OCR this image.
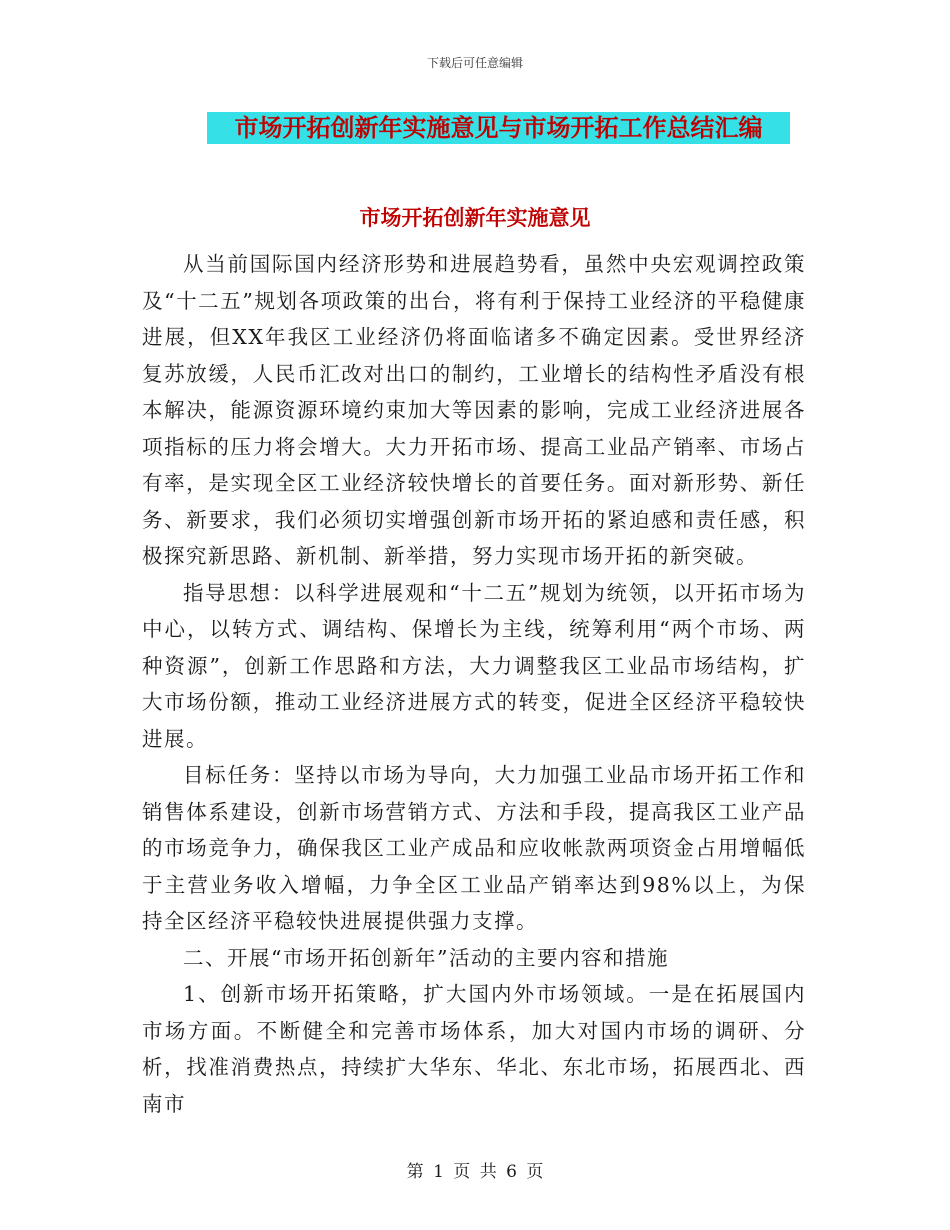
下载后可任意编辑
市场开拓创新年实施意见与市场开拓工作总结汇编
市场开拓创新年实施意见

从当前国际国内经济形势和进展趋势看，虽然中央宏观调控政策及“十二五”规划各项政策的出台，将有利于保持工业经济的平稳健康进展，但XX年我区工业经济仍将面临诸多不确定因素。受世界经济复苏放缓，人民币汇改对出口的制约，工业增长的结构性矛盾没有根本解决，能源资源环境约束加大等因素的影响，完成工业经济进展各项指标的压力将会增大。大力开拓市场、提高工业品产销率、市场占有率，是实现全区工业经济较快增长的首要任务。面对新形势、新任务、新要求，我们必须切实增强创新市场开拓的紧迫感和责任感，积极探究新思路、新机制、新举措，努力实现市场开拓的新突破。

指导思想：以科学进展观和“十二五”规划为统领，以开拓市场为中心，以转方式、调结构、保增长为主线，统筹利用“两个市场、两种资源”，创新工作思路和方法，大力调整我区工业品市场结构，扩大市场份额，推动工业经济进展方式的转变，促进全区经济平稳较快进展。

目标任务：坚持以市场为导向，大力加强工业品市场开拓工作和销售体系建设，创新市场营销方式、方法和手段，提高我区工业产品的市场竞争力，确保我区工业产成品和应收帐款两项资金占用增幅低于主营业务收入增幅，力争全区工业品产销率达到98%以上，为保持全区经济平稳较快进展提供强力支撑。

二、开展“市场开拓创新年”活动的主要内容和措施

1、创新市场开拓策略，扩大国内外市场领域。一是在拓展国内市场方面。不断健全和完善市场体系，加大对国内市场的调研、分析，找准消费热点，持续扩大华东、华北、东北市场，拓展西北、西南市

第 1 页 共 6 页
